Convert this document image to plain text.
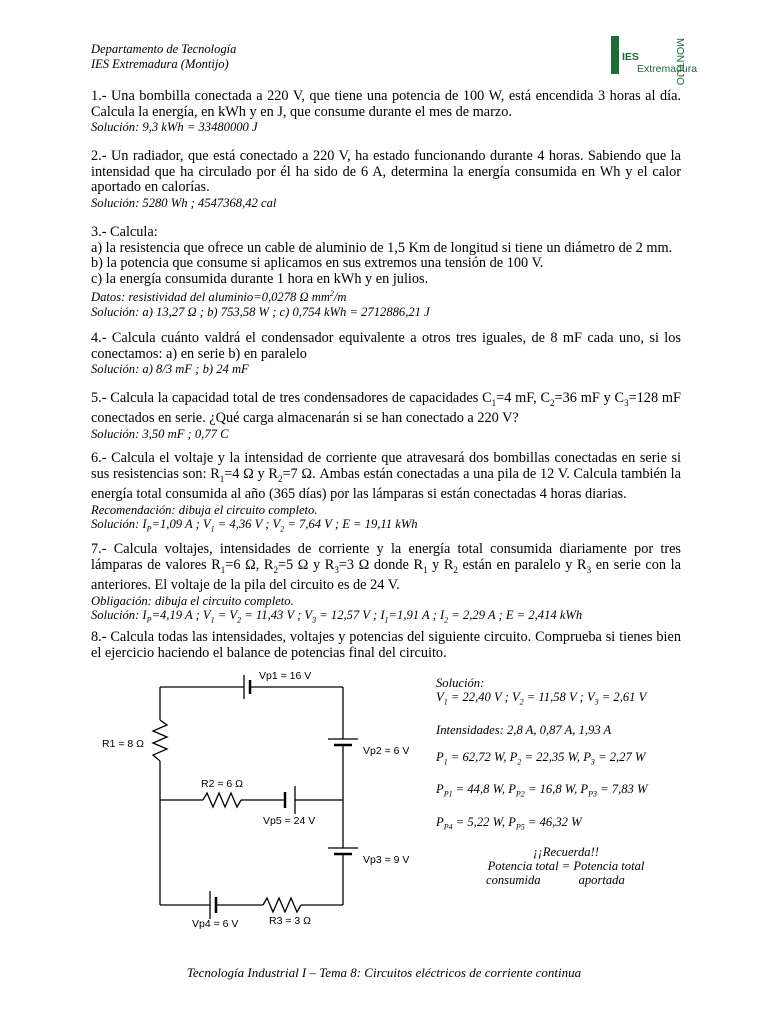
Departamento de Tecnología
IES Extremadura (Montijo)	IES	MONTIJO
Extremadura

1.- Una bombilla conectada a 220 V, que tiene una potencia de 100 W, está encendida 3 horas al día. Calcula la energía, en kWh y en J, que consume durante el mes de marzo.

Solución: 9,3 kWh = 33480000 J

2.- Un radiador, que está conectado a 220 V, ha estado funcionando durante 4 horas. Sabiendo que la intensidad que ha circulado por él ha sido de 6 A, determina la energía consumida en Wh y el calor aportado en calorías.

Solución: 5280 Wh ; 4547368,42 cal

3.- Calcula:

a) la resistencia que ofrece un cable de aluminio de 1,5 Km de longitud si tiene un diámetro de 2 mm.

b) la potencia que consume si aplicamos en sus extremos una tensión de 100 V.

c) la energía consumida durante 1 hora en kWh y en julios.

Datos: resistividad del aluminio=0,0278 Ω $mm^2/m$

Solución: a) 13,27 Ω ; b) 753,58 W ; c) 0,754 kWh = 2712886,21 J

4.- Calcula cuánto valdrá el condensador equivalente a otros tres iguales, de 8 mF cada uno, si los conectamos: a) en serie b) en paralelo

Solución: a) 8/3 mF ; b) 24 mF

5.- Calcula la capacidad total de tres condensadores de capacidades $C_1=4$ mF, $C_2=36$ mF y $C_3=128$ mF conectados en serie. ¿Qué carga almacenarán si se han conectado a 220 V?

Solución: 3,50 mF ; 0,77 C

6.- Calcula el voltaje y la intensidad de corriente que atravesará dos bombillas conectadas en serie si sus resistencias son: $R_1=4$ Ω y $R_2=7$ Ω. Ambas están conectadas a una pila de 12 V. Calcula también la energía total consumida al año (365 días) por las lámparas si están conectadas 4 horas diarias.

Recomendación: dibuja el circuito completo.

Solución: $I_P=1,09$ A ; $V_1 = 4,36$ V ; $V_2 = 7,64$ V ; E = 19,11 kWh

7.- Calcula voltajes, intensidades de corriente y la energía total consumida diariamente por tres lámparas de valores $R_1=6$ Ω, $R_2=5$ Ω y $R_3=3$ Ω donde $R_1$ y $R_2$ están en paralelo y $R_3$ en serie con la anteriores. El voltaje de la pila del circuito es de 24 V.

Obligación: dibuja el circuito completo.

Solución: $I_P=4,19$ A ; $V_1 = V_2 = 11,43$ V ; $V_3 = 12,57$ V ; $I_1=1,91$ A ; $I_2 = 2,29$ A ; E = 2,414 kWh

8.- Calcula todas las intensidades, voltajes y potencias del siguiente circuito. Comprueba si tienes bien el ejercicio haciendo el balance de potencias final del circuito.

Vp1 = 16 V
R1 = 8 Ω
Vp2 = 6 V
R2 = 6 Ω
Vp5 = 24 V
Vp3 = 9 V
Vp4 = 6 V	R3 = 3 Ω

Solución:

$V_1 = 22,40$ V ; $V_2 = 11,58$ V ; $V_3 = 2,61$ V

Intensidades: 2,8 A, 0,87 A, 1,93 A

$P_1 = 62,72$ W, $P_2 = 22,35$ W, $P_3 = 2,27$ W

$P_{P1} = 44,8$ W, $P_{P2} = 16,8$ W, $P_{P3} = 7,83$ W

$P_{P4} = 5,22$ W, $P_{P5} = 46,32$ W

¡¡Recuerda!!

Potencia total = Potencia total

consumida	aportada

Tecnología Industrial I – Tema 8: Circuitos eléctricos de corriente continua
